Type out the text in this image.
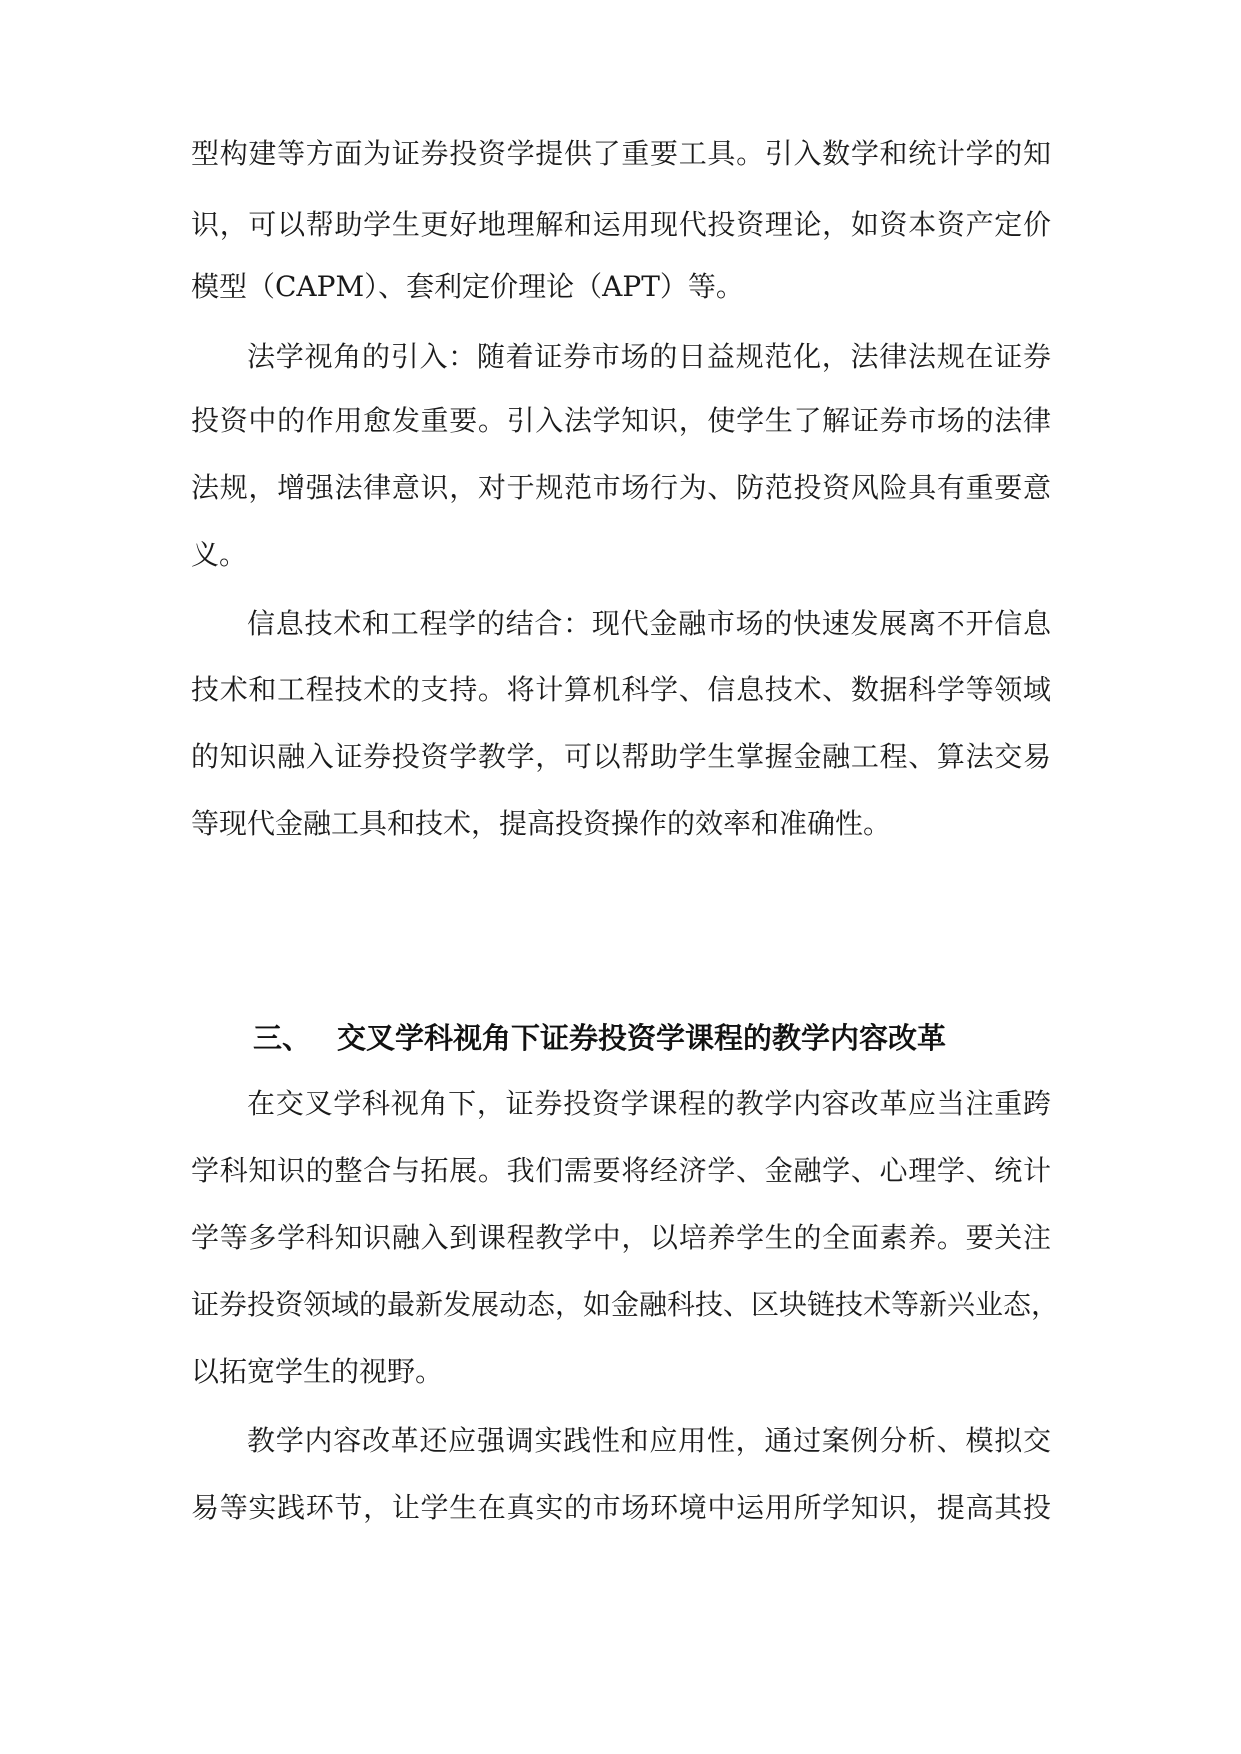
型构建等方面为证券投资学提供了重要工具。引入数学和统计学的知
识，可以帮助学生更好地理解和运用现代投资理论，如资本资产定价
模型（CAPM）、套利定价理论（APT）等。
法学视角的引入：随着证券市场的日益规范化，法律法规在证券
投资中的作用愈发重要。引入法学知识，使学生了解证券市场的法律
法规，增强法律意识，对于规范市场行为、防范投资风险具有重要意
义。
信息技术和工程学的结合：现代金融市场的快速发展离不开信息
技术和工程技术的支持。将计算机科学、信息技术、数据科学等领域
的知识融入证券投资学教学，可以帮助学生掌握金融工程、算法交易
等现代金融工具和技术，提高投资操作的效率和准确性。
三、 交叉学科视角下证券投资学课程的教学内容改革
在交叉学科视角下，证券投资学课程的教学内容改革应当注重跨
学科知识的整合与拓展。我们需要将经济学、金融学、心理学、统计
学等多学科知识融入到课程教学中，以培养学生的全面素养。要关注
证券投资领域的最新发展动态，如金融科技、区块链技术等新兴业态，
以拓宽学生的视野。
教学内容改革还应强调实践性和应用性，通过案例分析、模拟交
易等实践环节，让学生在真实的市场环境中运用所学知识，提高其投
